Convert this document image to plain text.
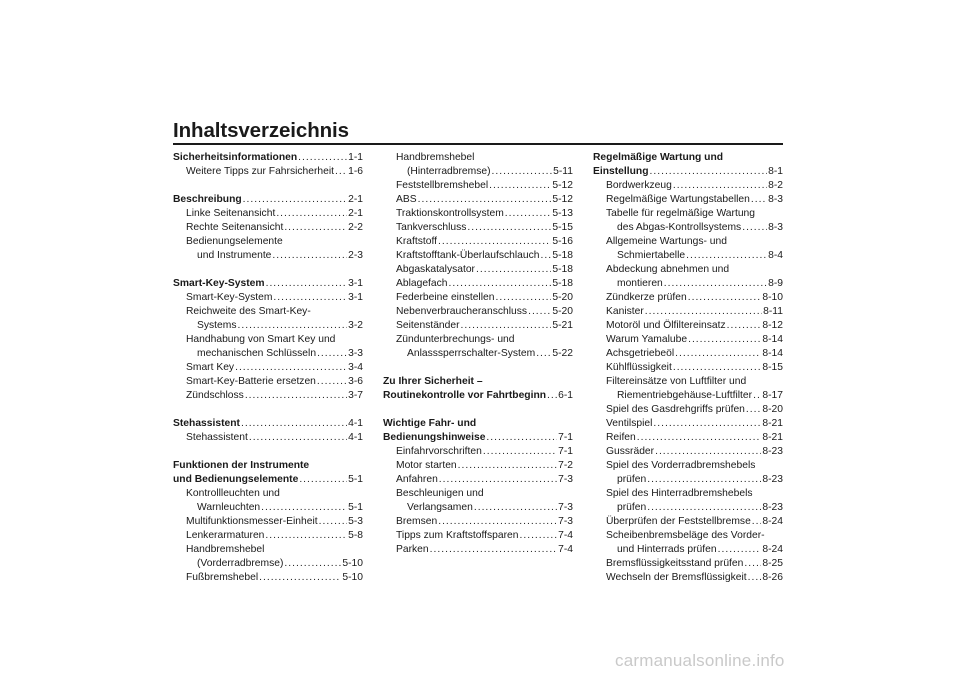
Inhaltsverzeichnis
Sicherheitsinformationen .....	1-1
Weitere Tipps zur Fahrsicherheit ..... 1-6
Beschreibung .....	2-1
Linke Seitenansicht .....	2-1
Rechte Seitenansicht .....	2-2
Bedienungselemente
und Instrumente .....	2-3
Smart-Key-System .....	3-1
Smart-Key-System .....	3-1
Reichweite des Smart-Key-
Systems .....	3-2
Handhabung von Smart Key und
mechanischen Schlüsseln .....	3-3
Smart Key .....	3-4
Smart-Key-Batterie ersetzen .....	3-6
Zündschloss .....	3-7
Stehassistent .....	4-1
Stehassistent .....	4-1
Funktionen der Instrumente
und Bedienungselemente .....	5-1
Kontrollleuchten und
Warnleuchten .....	5-1
Multifunktionsmesser-Einheit .....	5-3
Lenkerarmaturen .....	5-8
Handbremshebel
(Vorderradbremse) .....	5-10
Fußbremshebel .....	5-10
Handbremshebel
(Hinterradbremse) .....	5-11
Feststellbremshebel .....	5-12
ABS .....	5-12
Traktionskontrollsystem .....	5-13
Tankverschluss .....	5-15
Kraftstoff .....	5-16
Kraftstofftank-Überlaufschlauch ..... 5-18
Abgaskatalysator .....	5-18
Ablagefach .....	5-18
Federbeine einstellen .....	5-20
Nebenverbraucheranschluss ..... 5-20
Seitenständer .....	5-21
Zündunterbrechungs- und
Anlasssperrschalter-System ..... 5-22
Zu Ihrer Sicherheit –
Routinekontrolle vor Fahrtbeginn ..... 6-1
Wichtige Fahr- und
Bedienungshinweise .....	7-1
Einfahrvorschriften .....	7-1
Motor starten .....	7-2
Anfahren .....	7-3
Beschleunigen und
Verlangsamen .....	7-3
Bremsen .....	7-3
Tipps zum Kraftstoffsparen .....	7-4
Parken .....	7-4
Regelmäßige Wartung und
Einstellung .....	8-1
Bordwerkzeug .....	8-2
Regelmäßige Wartungstabellen ..... 8-3
Tabelle für regelmäßige Wartung
des Abgas-Kontrollsystems .....	8-3
Allgemeine Wartungs- und
Schmiertabelle .....	8-4
Abdeckung abnehmen und
montieren .....	8-9
Zündkerze prüfen .....	8-10
Kanister .....	8-11
Motoröl und Ölfiltereinsatz .....	8-12
Warum Yamalube .....	8-14
Achsgetriebeöl .....	8-14
Kühlflüssigkeit .....	8-15
Filtereinsätze von Luftfilter und
Riementriebgehäuse-Luftfilter ..... 8-17
Spiel des Gasdrehgriffs prüfen ..... 8-20
Ventilspiel .....	8-21
Reifen .....	8-21
Gussräder .....	8-23
Spiel des Vorderradbremshebels
prüfen .....	8-23
Spiel des Hinterradbremshebels
prüfen .....	8-23
Überprüfen der Feststellbremse ..... 8-24
Scheibenbremsbeläge des Vorder-
und Hinterrads prüfen .....	8-24
Bremsflüssigkeitsstand prüfen ..... 8-25
Wechseln der Bremsflüssigkeit ..... 8-26
carmanualsonline.info
